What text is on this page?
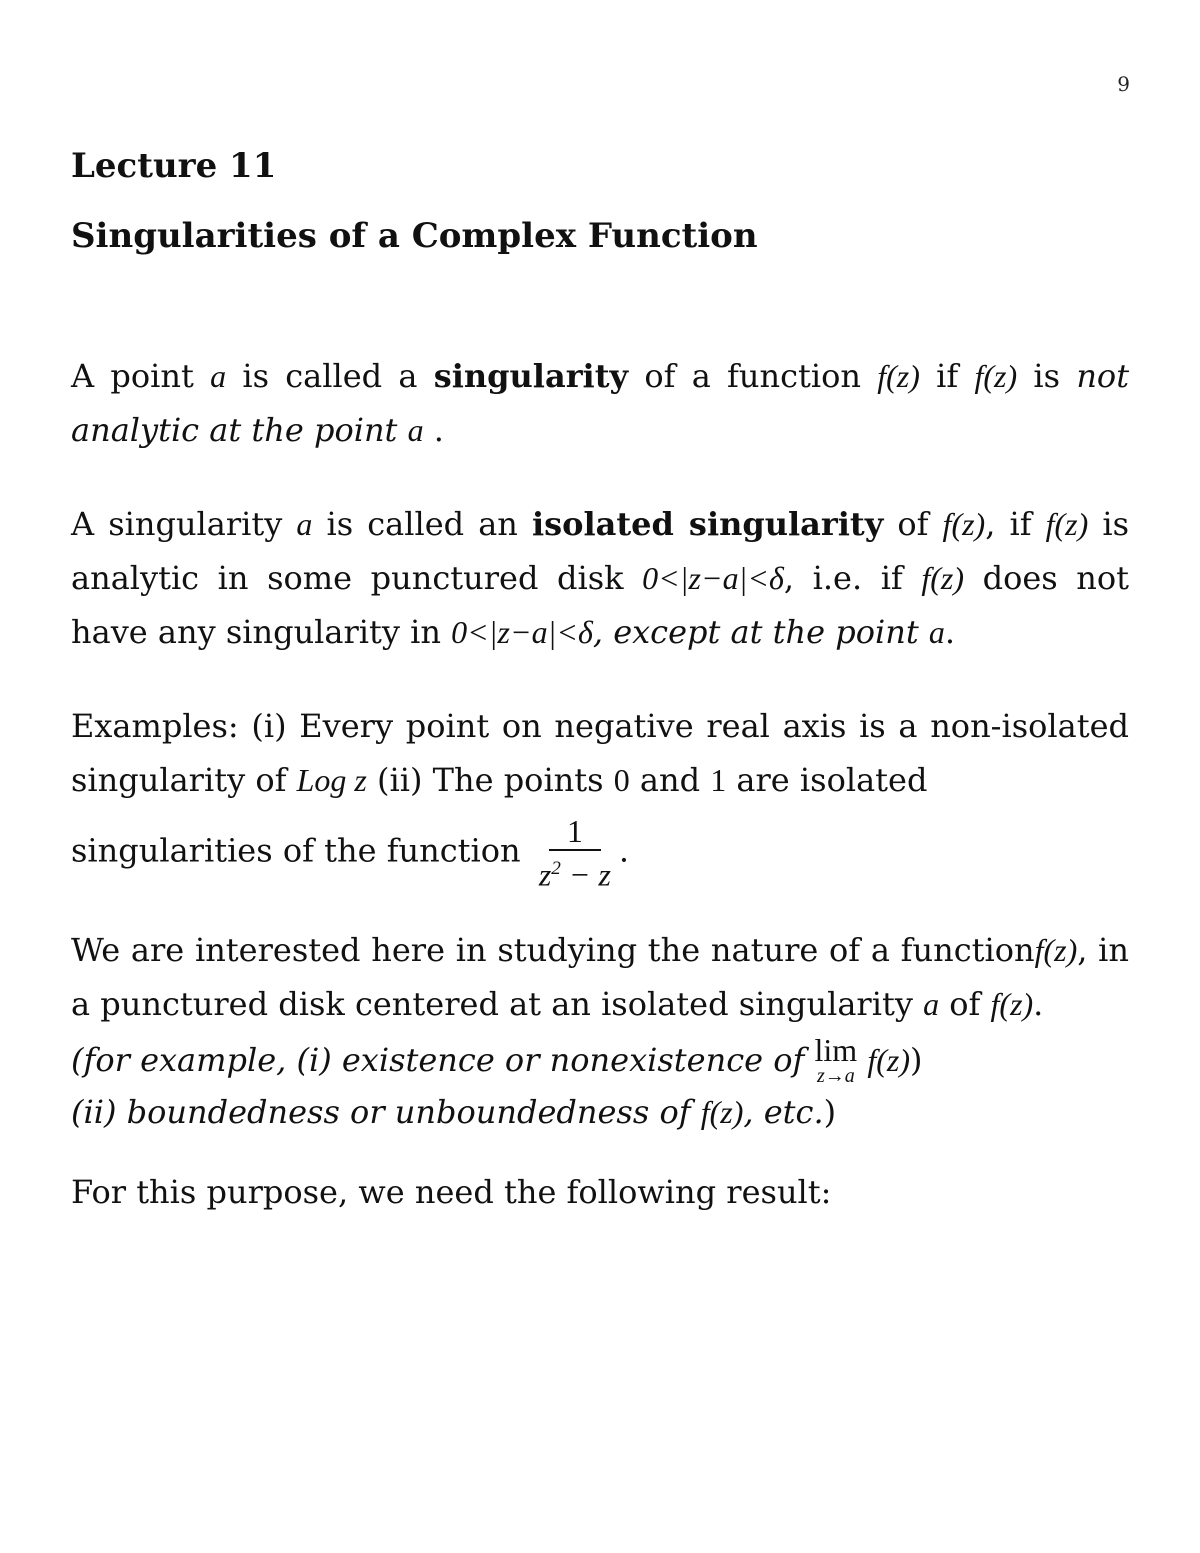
9
Lecture 11
Singularities of a Complex Function

A point a is called a singularity of a function f(z) if f(z) is not analytic at the point a .

A singularity a is called an isolated singularity of f(z), if f(z) is analytic in some punctured disk 0<|z−a|<δ, i.e. if f(z) does not have any singularity in 0<|z−a|<δ, except at the point a.

Examples: (i) Every point on negative real axis is a non-isolated singularity of Log z (ii) The points 0 and 1 are isolated

singularities of the function $\frac{1}{z^2 - z}$ .

We are interested here in studying the nature of a functionf(z), in a punctured disk centered at an isolated singularity a of f(z).

(for example, (i) existence or nonexistence of lim
z→a f(z))

(ii) boundedness or unboundedness of f(z), etc.)

For this purpose, we need the following result:
